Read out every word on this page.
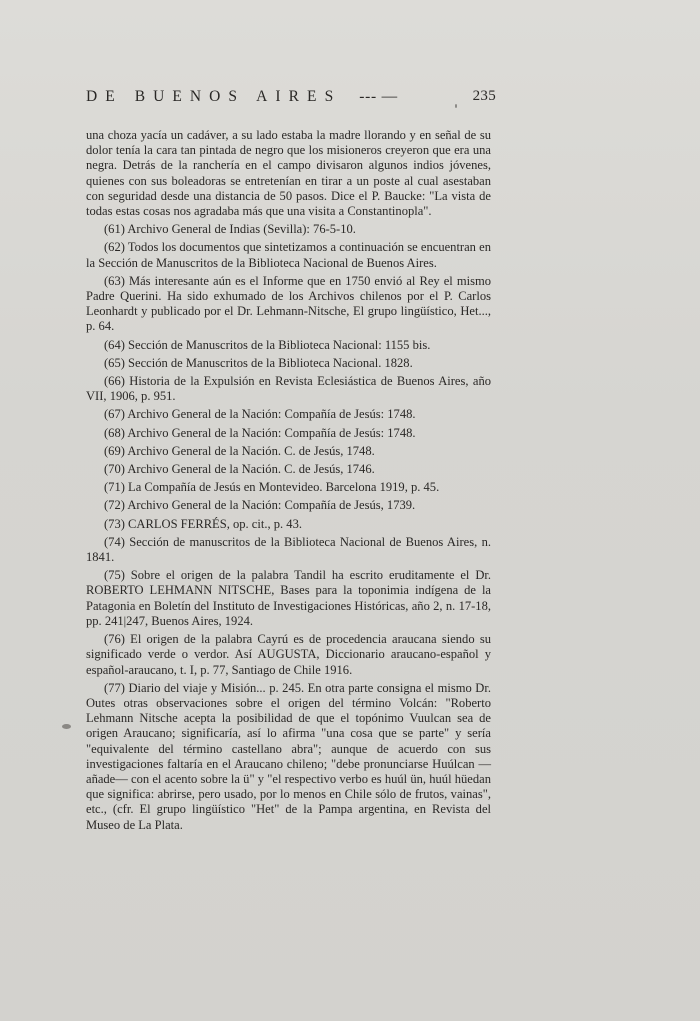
DE BUENOS AIRES --- —	235

una choza yacía un cadáver, a su lado estaba la madre llorando y en señal de su dolor tenía la cara tan pintada de negro que los misioneros creyeron que era una negra. Detrás de la ranchería en el campo divisaron algunos indios jóvenes, quienes con sus boleadoras se entretenían en tirar a un poste al cual asestaban con seguridad desde una distancia de 50 pasos. Dice el P. Baucke: "La vista de todas estas cosas nos agradaba más que una visita a Constantinopla".

(61) Archivo General de Indias (Sevilla): 76-5-10.

(62) Todos los documentos que sintetizamos a continuación se encuentran en la Sección de Manuscritos de la Biblioteca Nacional de Buenos Aires.

(63) Más interesante aún es el Informe que en 1750 envió al Rey el mismo Padre Querini. Ha sido exhumado de los Archivos chilenos por el P. Carlos Leonhardt y publicado por el Dr. Lehmann-Nitsche, El grupo lingüístico, Het..., p. 64.

(64) Sección de Manuscritos de la Biblioteca Nacional: 1155 bis.

(65) Sección de Manuscritos de la Biblioteca Nacional. 1828.

(66) Historia de la Expulsión en Revista Eclesiástica de Buenos Aires, año VII, 1906, p. 951.

(67) Archivo General de la Nación: Compañía de Jesús: 1748.

(68) Archivo General de la Nación: Compañía de Jesús: 1748.

(69) Archivo General de la Nación. C. de Jesús, 1748.

(70) Archivo General de la Nación. C. de Jesús, 1746.

(71) La Compañía de Jesús en Montevideo. Barcelona 1919, p. 45.

(72) Archivo General de la Nación: Compañía de Jesús, 1739.

(73) CARLOS FERRÉS, op. cit., p. 43.

(74) Sección de manuscritos de la Biblioteca Nacional de Buenos Aires, n. 1841.

(75) Sobre el origen de la palabra Tandil ha escrito eruditamente el Dr. ROBERTO LEHMANN NITSCHE, Bases para la toponimia indígena de la Patagonia en Boletín del Instituto de Investigaciones Históricas, año 2, n. 17-18, pp. 241|247, Buenos Aires, 1924.

(76) El origen de la palabra Cayrú es de procedencia araucana siendo su significado verde o verdor. Así AUGUSTA, Diccionario araucano-español y español-araucano, t. I, p. 77, Santiago de Chile 1916.

(77) Diario del viaje y Misión... p. 245. En otra parte consigna el mismo Dr. Outes otras observaciones sobre el origen del término Volcán: "Roberto Lehmann Nitsche acepta la posibilidad de que el topónimo Vuulcan sea de origen Araucano; significaría, así lo afirma "una cosa que se parte" y sería "equivalente del término castellano abra"; aunque de acuerdo con sus investigaciones faltaría en el Araucano chileno; "debe pronunciarse Huúlcan —añade— con el acento sobre la ü" y "el respectivo verbo es huúl ün, huúl hüedan que significa: abrirse, pero usado, por lo menos en Chile sólo de frutos, vainas", etc., (cfr. El grupo lingüístico "Het" de la Pampa argentina, en Revista del Museo de La Plata.
